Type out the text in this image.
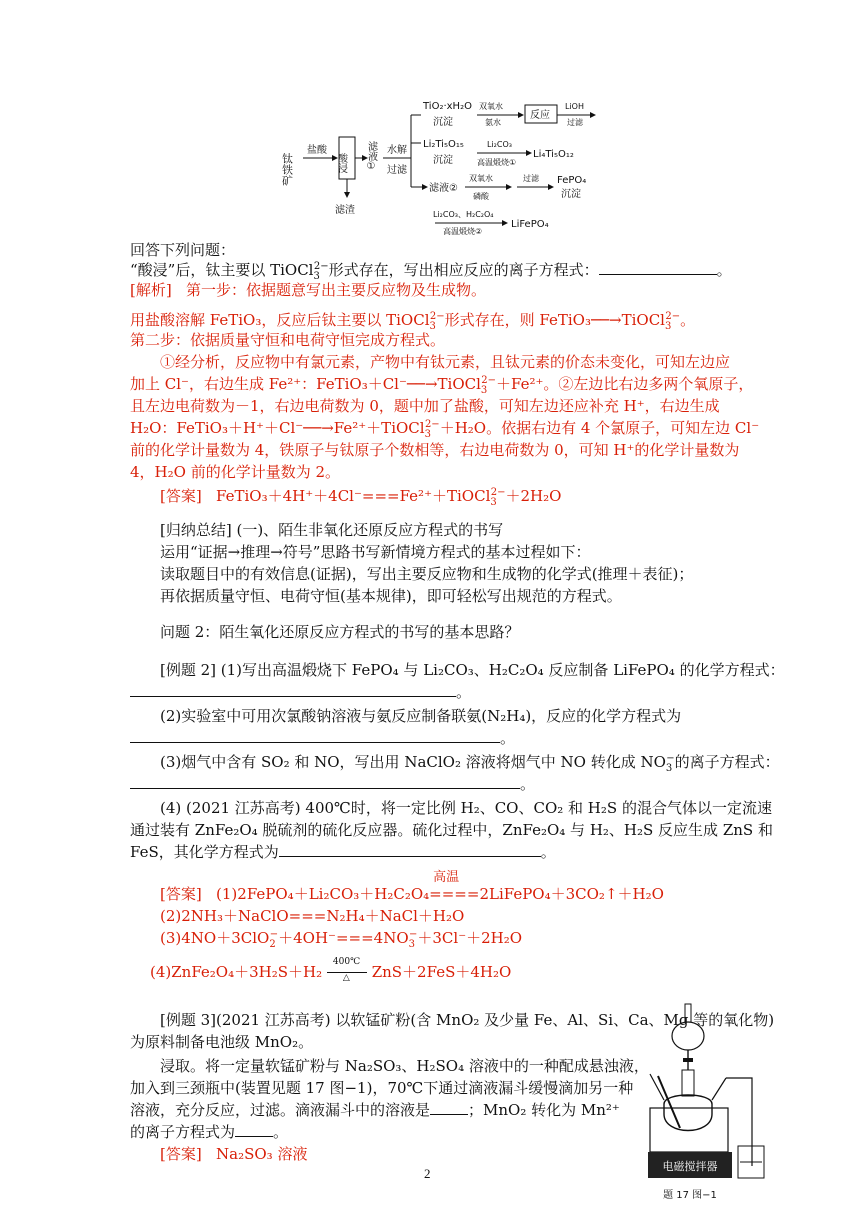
钛铁矿
盐酸
酸浸
滤渣
滤液① 水解
过滤
TiO₂·xH₂O
沉淀
双氧水
氨水
反应
LiOH
过滤
Li₂Ti₅O₁₅
沉淀
Li₂CO₃
高温煅烧①
Li₄Ti₅O₁₂
滤液②
双氧水
磷酸
过滤 FePO₄
沉淀
Li₂CO₃、H₂C₂O₄
高温煅烧②
LiFePO₄
回答下列问题：
“酸浸”后，钛主要以 TiOCl$_3^{2-}$形式存在，写出相应反应的离子方程式：	。
[解析] 第一步：依据题意写出主要反应物及生成物。
用盐酸溶解 FeTiO₃，反应后钛主要以 TiOCl$_3^{2-}$形式存在，则 FeTiO₃──→TiOCl$_3^{2-}$。
第二步：依据质量守恒和电荷守恒完成方程式。
①经分析，反应物中有氯元素，产物中有钛元素，且钛元素的价态未变化，可知左边应
加上 Cl⁻，右边生成 Fe²⁺：FeTiO₃＋Cl⁻──→TiOCl$_3^{2-}$＋Fe²⁺。②左边比右边多两个氧原子，
且左边电荷数为－1，右边电荷数为 0，题中加了盐酸，可知左边还应补充 H⁺，右边生成
H₂O：FeTiO₃＋H⁺＋Cl⁻──→Fe²⁺＋TiOCl$_3^{2-}$＋H₂O。依据右边有 4 个氯原子，可知左边 Cl⁻
前的化学计量数为 4，铁原子与钛原子个数相等，右边电荷数为 0，可知 H⁺的化学计量数为
4，H₂O 前的化学计量数为 2。
[答案] FeTiO₃＋4H⁺＋4Cl⁻===Fe²⁺＋TiOCl$_3^{2-}$＋2H₂O
[归纳总结] (一)、陌生非氧化还原反应方程式的书写
运用“证据→推理→符号”思路书写新情境方程式的基本过程如下：
读取题目中的有效信息(证据)，写出主要反应物和生成物的化学式(推理＋表征)；
再依据质量守恒、电荷守恒(基本规律)，即可轻松写出规范的方程式。
问题 2：陌生氧化还原反应方程式的书写的基本思路？
[例题 2] (1)写出高温煅烧下 FePO₄ 与 Li₂CO₃、H₂C₂O₄ 反应制备 LiFePO₄ 的化学方程式：
。
(2)实验室中可用次氯酸钠溶液与氨反应制备联氨(N₂H₄)，反应的化学方程式为
。
(3)烟气中含有 SO₂ 和 NO，写出用 NaClO₂ 溶液将烟气中 NO 转化成 $NO_3^-$的离子方程式：
。
(4) (2021 江苏高考) 400℃时，将一定比例 H₂、CO、CO₂ 和 H₂S 的混合气体以一定流速
通过装有 ZnFe₂O₄ 脱硫剂的硫化反应器。硫化过程中，ZnFe₂O₄ 与 H₂、H₂S 反应生成 ZnS 和
FeS，其化学方程式为	。
[答案] (1)2FePO₄＋Li₂CO₃＋H₂C₂O₄
高温
====2LiFePO₄＋3CO₂↑＋H₂O
(2)2NH₃＋NaClO===N₂H₄＋NaCl＋H₂O
$(3)4NO+3ClO_2^-+4OH^-===4NO_3^-+3Cl^-+2H_2O$
(4)ZnFe₂O₄＋3H₂S＋H₂
400℃
△ ZnS＋2FeS＋4H₂O
[例题 3](2021 江苏高考) 以软锰矿粉(含 MnO₂ 及少量 Fe、Al、Si、Ca、Mg 等的氧化物)
为原料制备电池级 MnO₂。
浸取。将一定量软锰矿粉与 Na₂SO₃、H₂SO₄ 溶液中的一种配成悬浊液，
加入到三颈瓶中(装置见题 17 图−1)，70℃下通过滴液漏斗缓慢滴加另一种
溶液，充分反应，过滤。滴液漏斗中的溶液是	；MnO₂ 转化为 Mn²⁺
的离子方程式为	。
[答案] Na₂SO₃ 溶液
2	电磁搅拌器
题 17 图−1
